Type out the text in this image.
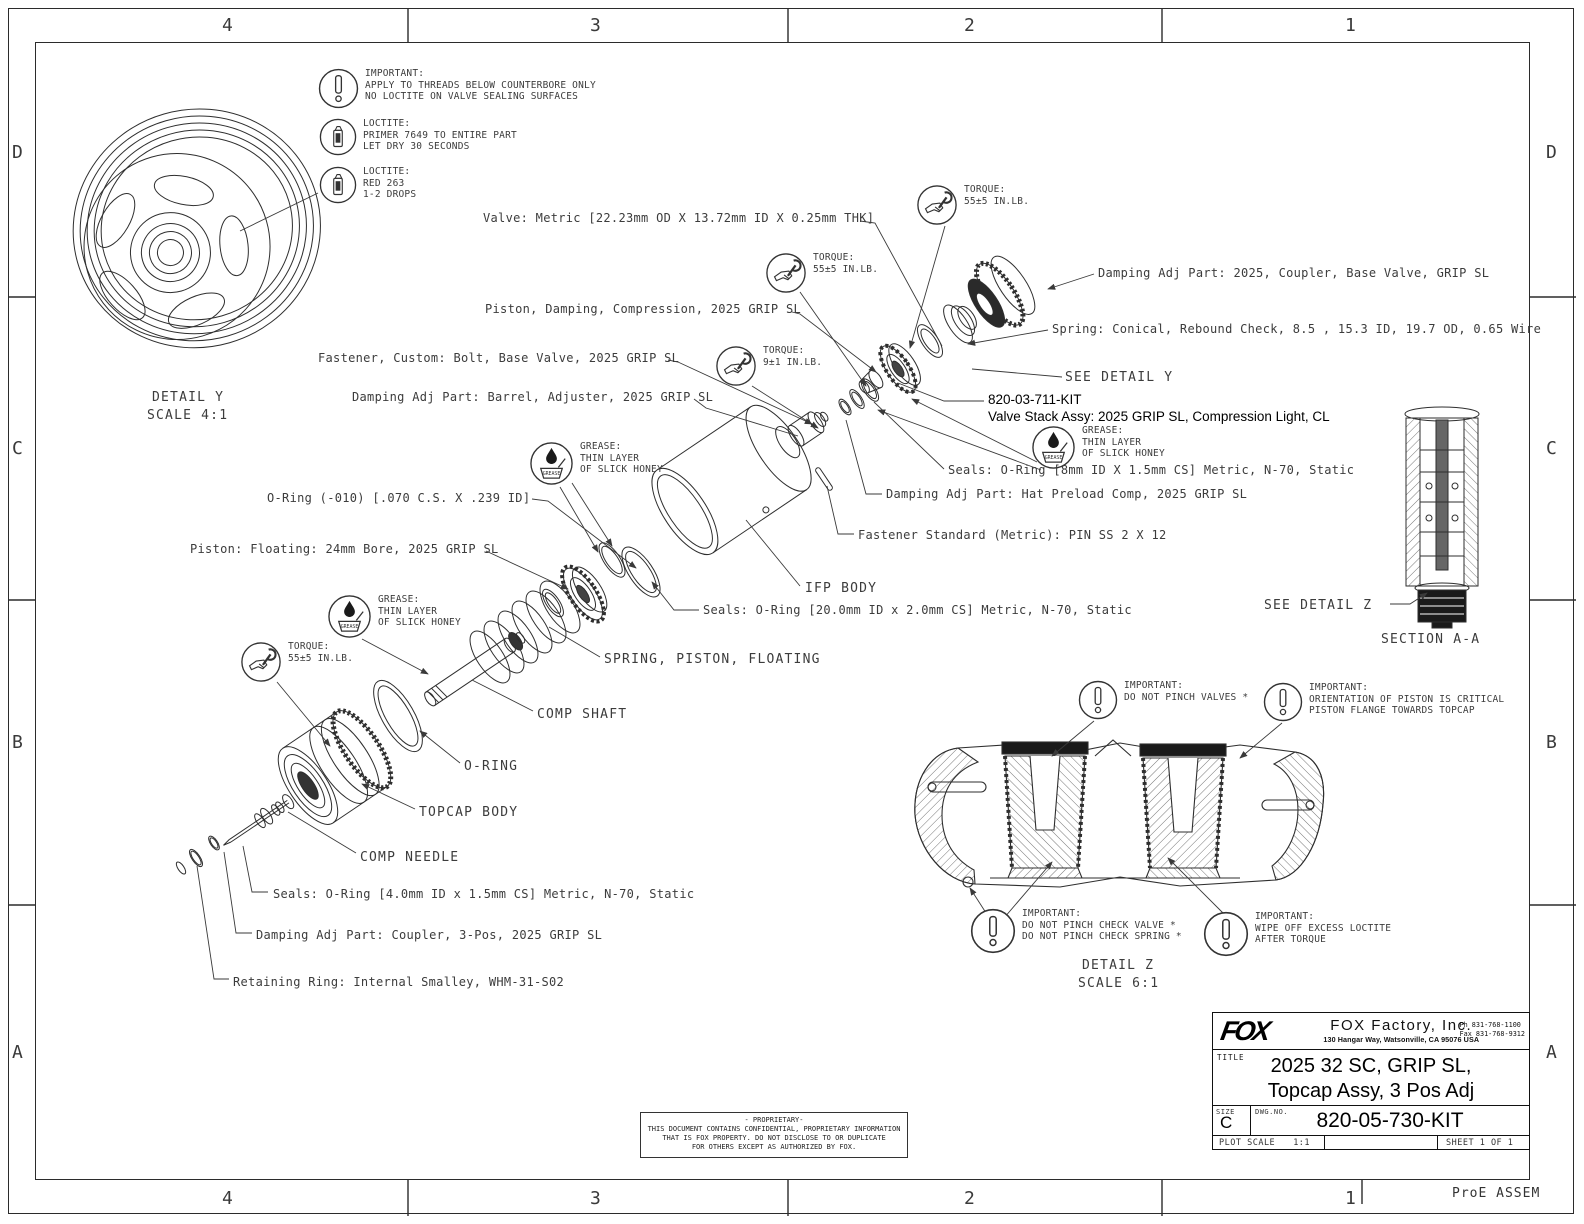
4	3	2	1
4	3	2	1
D
C
B
A
D
C
B
A
IMPORTANT:
APPLY TO THREADS BELOW COUNTERBORE ONLY
NO LOCTITE ON VALVE SEALING SURFACES
LOCTITE:
PRIMER 7649 TO ENTIRE PART
LET DRY 30 SECONDS
LOCTITE:
RED 263
1-2 DROPS	TORQUE:
55±5 IN.LB.
TORQUE:
55±5 IN.LB.
TORQUE:
9±1 IN.LB.
TORQUE:
55±5 IN.LB.
GREASE
GREASE:
THIN LAYER
OF SLICK HONEY
GREASE
GREASE:
THIN LAYER
OF SLICK HONEY
GREASE
GREASE:
THIN LAYER
OF SLICK HONEY
IMPORTANT:
DO NOT PINCH VALVES *
IMPORTANT:
ORIENTATION OF PISTON IS CRITICAL
PISTON FLANGE TOWARDS TOPCAP
IMPORTANT:
DO NOT PINCH CHECK VALVE *
DO NOT PINCH CHECK SPRING *
IMPORTANT:
WIPE OFF EXCESS LOCTITE
AFTER TORQUE
Valve: Metric [22.23mm OD X 13.72mm ID X 0.25mm THK]
Piston, Damping, Compression, 2025 GRIP SL
Fastener, Custom: Bolt, Base Valve, 2025 GRIP SL
Damping Adj Part: Barrel, Adjuster, 2025 GRIP SL
Damping Adj Part: 2025, Coupler, Base Valve, GRIP SL
Spring: Conical, Rebound Check, 8.5 , 15.3 ID, 19.7 OD, 0.65 Wire
Seals: O-Ring [8mm ID X 1.5mm CS] Metric, N-70, Static
Damping Adj Part: Hat Preload Comp, 2025 GRIP SL
Fastener Standard (Metric): PIN SS 2 X 12
O-Ring (-010) [.070 C.S. X .239 ID]
Piston: Floating: 24mm Bore, 2025 GRIP SL
IFP BODY
Seals: O-Ring [20.0mm ID x 2.0mm CS] Metric, N-70, Static
SPRING, PISTON, FLOATING
COMP SHAFT
O-RING
TOPCAP BODY
COMP NEEDLE
Seals: O-Ring [4.0mm ID x 1.5mm CS] Metric, N-70, Static
Damping Adj Part: Coupler, 3-Pos, 2025 GRIP SL
Retaining Ring: Internal Smalley, WHM-31-S02
DETAIL Y
SCALE 4:1
SEE DETAIL Y
SEE DETAIL Z
SECTION A-A
DETAIL Z
SCALE 6:1
820-03-711-KIT
Valve Stack Assy: 2025 GRIP SL, Compression Light, CL
FOX	FOX Factory, Inc.
130 Hangar Way, Watsonville, CA 95076 USA
Ph 831-768-1100
Fax 831-768-9312
TITLE	2025 32 SC, GRIP SL,
Topcap Assy, 3 Pos Adj
SIZE
C
DWG.NO.	820-05-730-KIT
PLOT SCALE 1:1	SHEET 1 OF 1
- PROPRIETARY-
THIS DOCUMENT CONTAINS CONFIDENTIAL, PROPRIETARY INFORMATION
THAT IS FOX PROPERTY. DO NOT DISCLOSE TO OR DUPLICATE
FOR OTHERS EXCEPT AS AUTHORIZED BY FOX.
ProE ASSEM
